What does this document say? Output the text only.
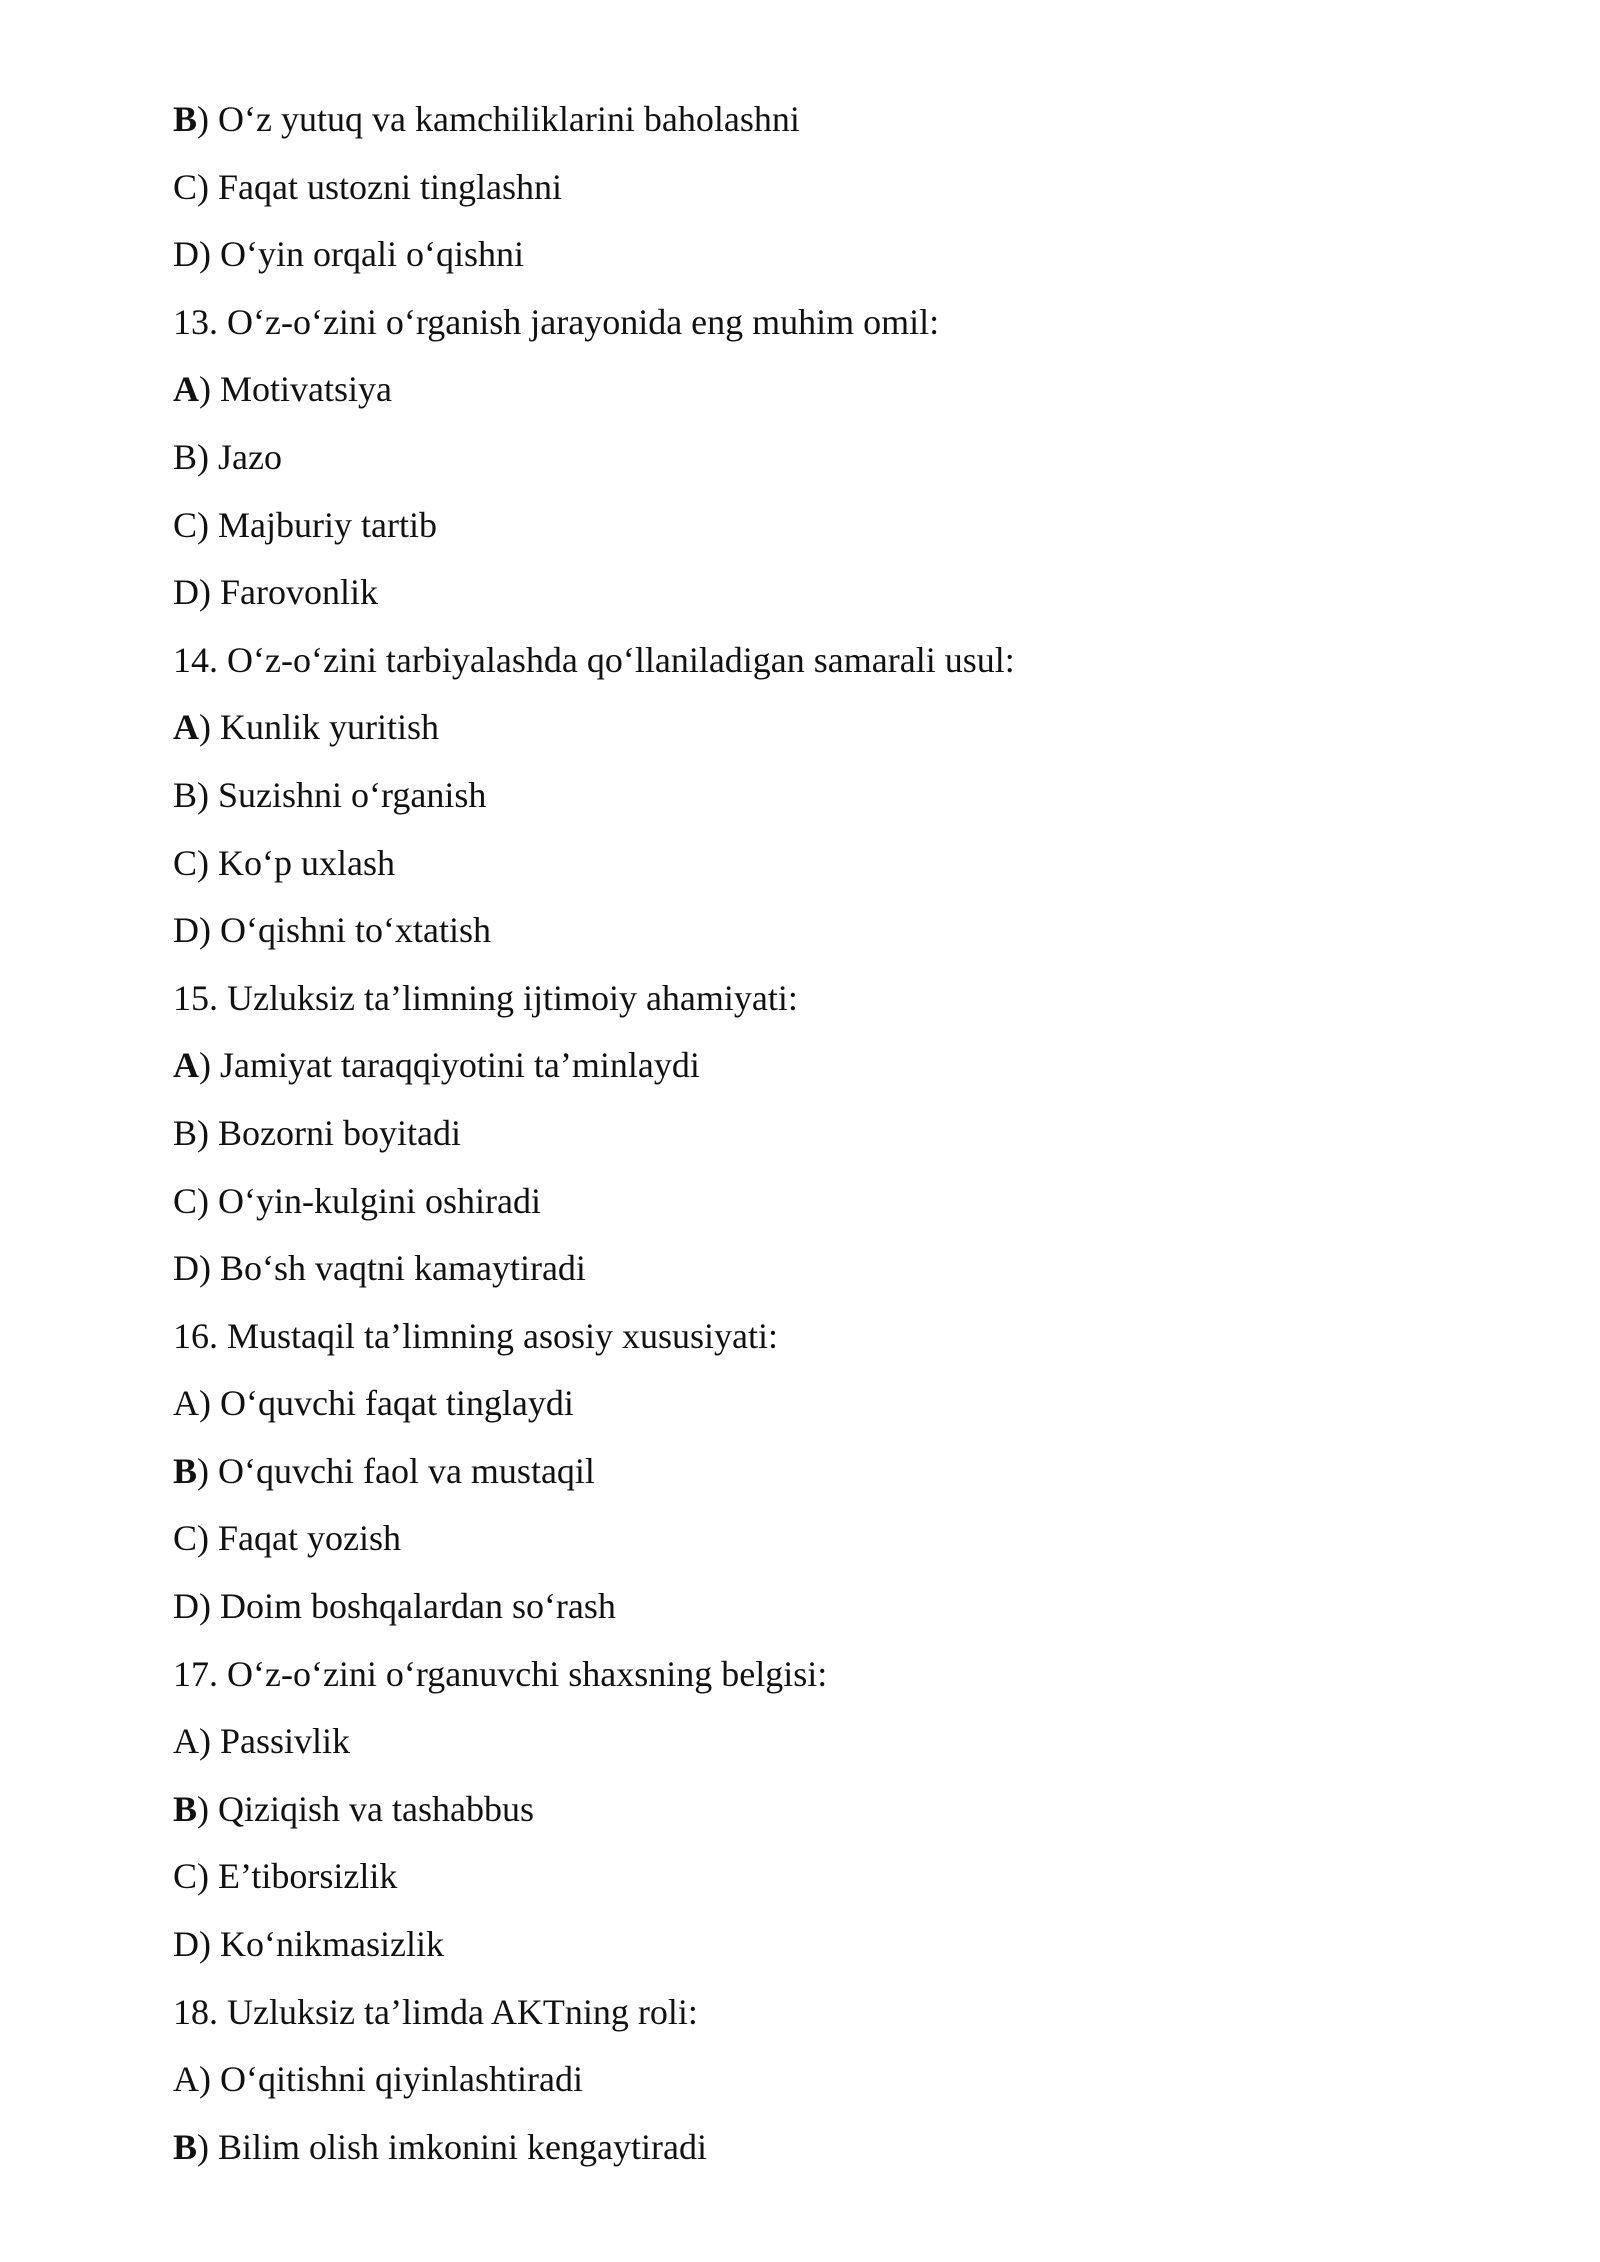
B) O‘z yutuq va kamchiliklarini baholashni
C) Faqat ustozni tinglashni
D) O‘yin orqali o‘qishni
13. O‘z-o‘zini o‘rganish jarayonida eng muhim omil:
A) Motivatsiya
B) Jazo
C) Majburiy tartib
D) Farovonlik
14. O‘z-o‘zini tarbiyalashda qo‘llaniladigan samarali usul:
A) Kunlik yuritish
B) Suzishni o‘rganish
C) Ko‘p uxlash
D) O‘qishni to‘xtatish
15. Uzluksiz ta’limning ijtimoiy ahamiyati:
A) Jamiyat taraqqiyotini ta’minlaydi
B) Bozorni boyitadi
C) O‘yin-kulgini oshiradi
D) Bo‘sh vaqtni kamaytiradi
16. Mustaqil ta’limning asosiy xususiyati:
A) O‘quvchi faqat tinglaydi
B) O‘quvchi faol va mustaqil
C) Faqat yozish
D) Doim boshqalardan so‘rash
17. O‘z-o‘zini o‘rganuvchi shaxsning belgisi:
A) Passivlik
B) Qiziqish va tashabbus
C) E’tiborsizlik
D) Ko‘nikmasizlik
18. Uzluksiz ta’limda AKTning roli:
A) O‘qitishni qiyinlashtiradi
B) Bilim olish imkonini kengaytiradi
